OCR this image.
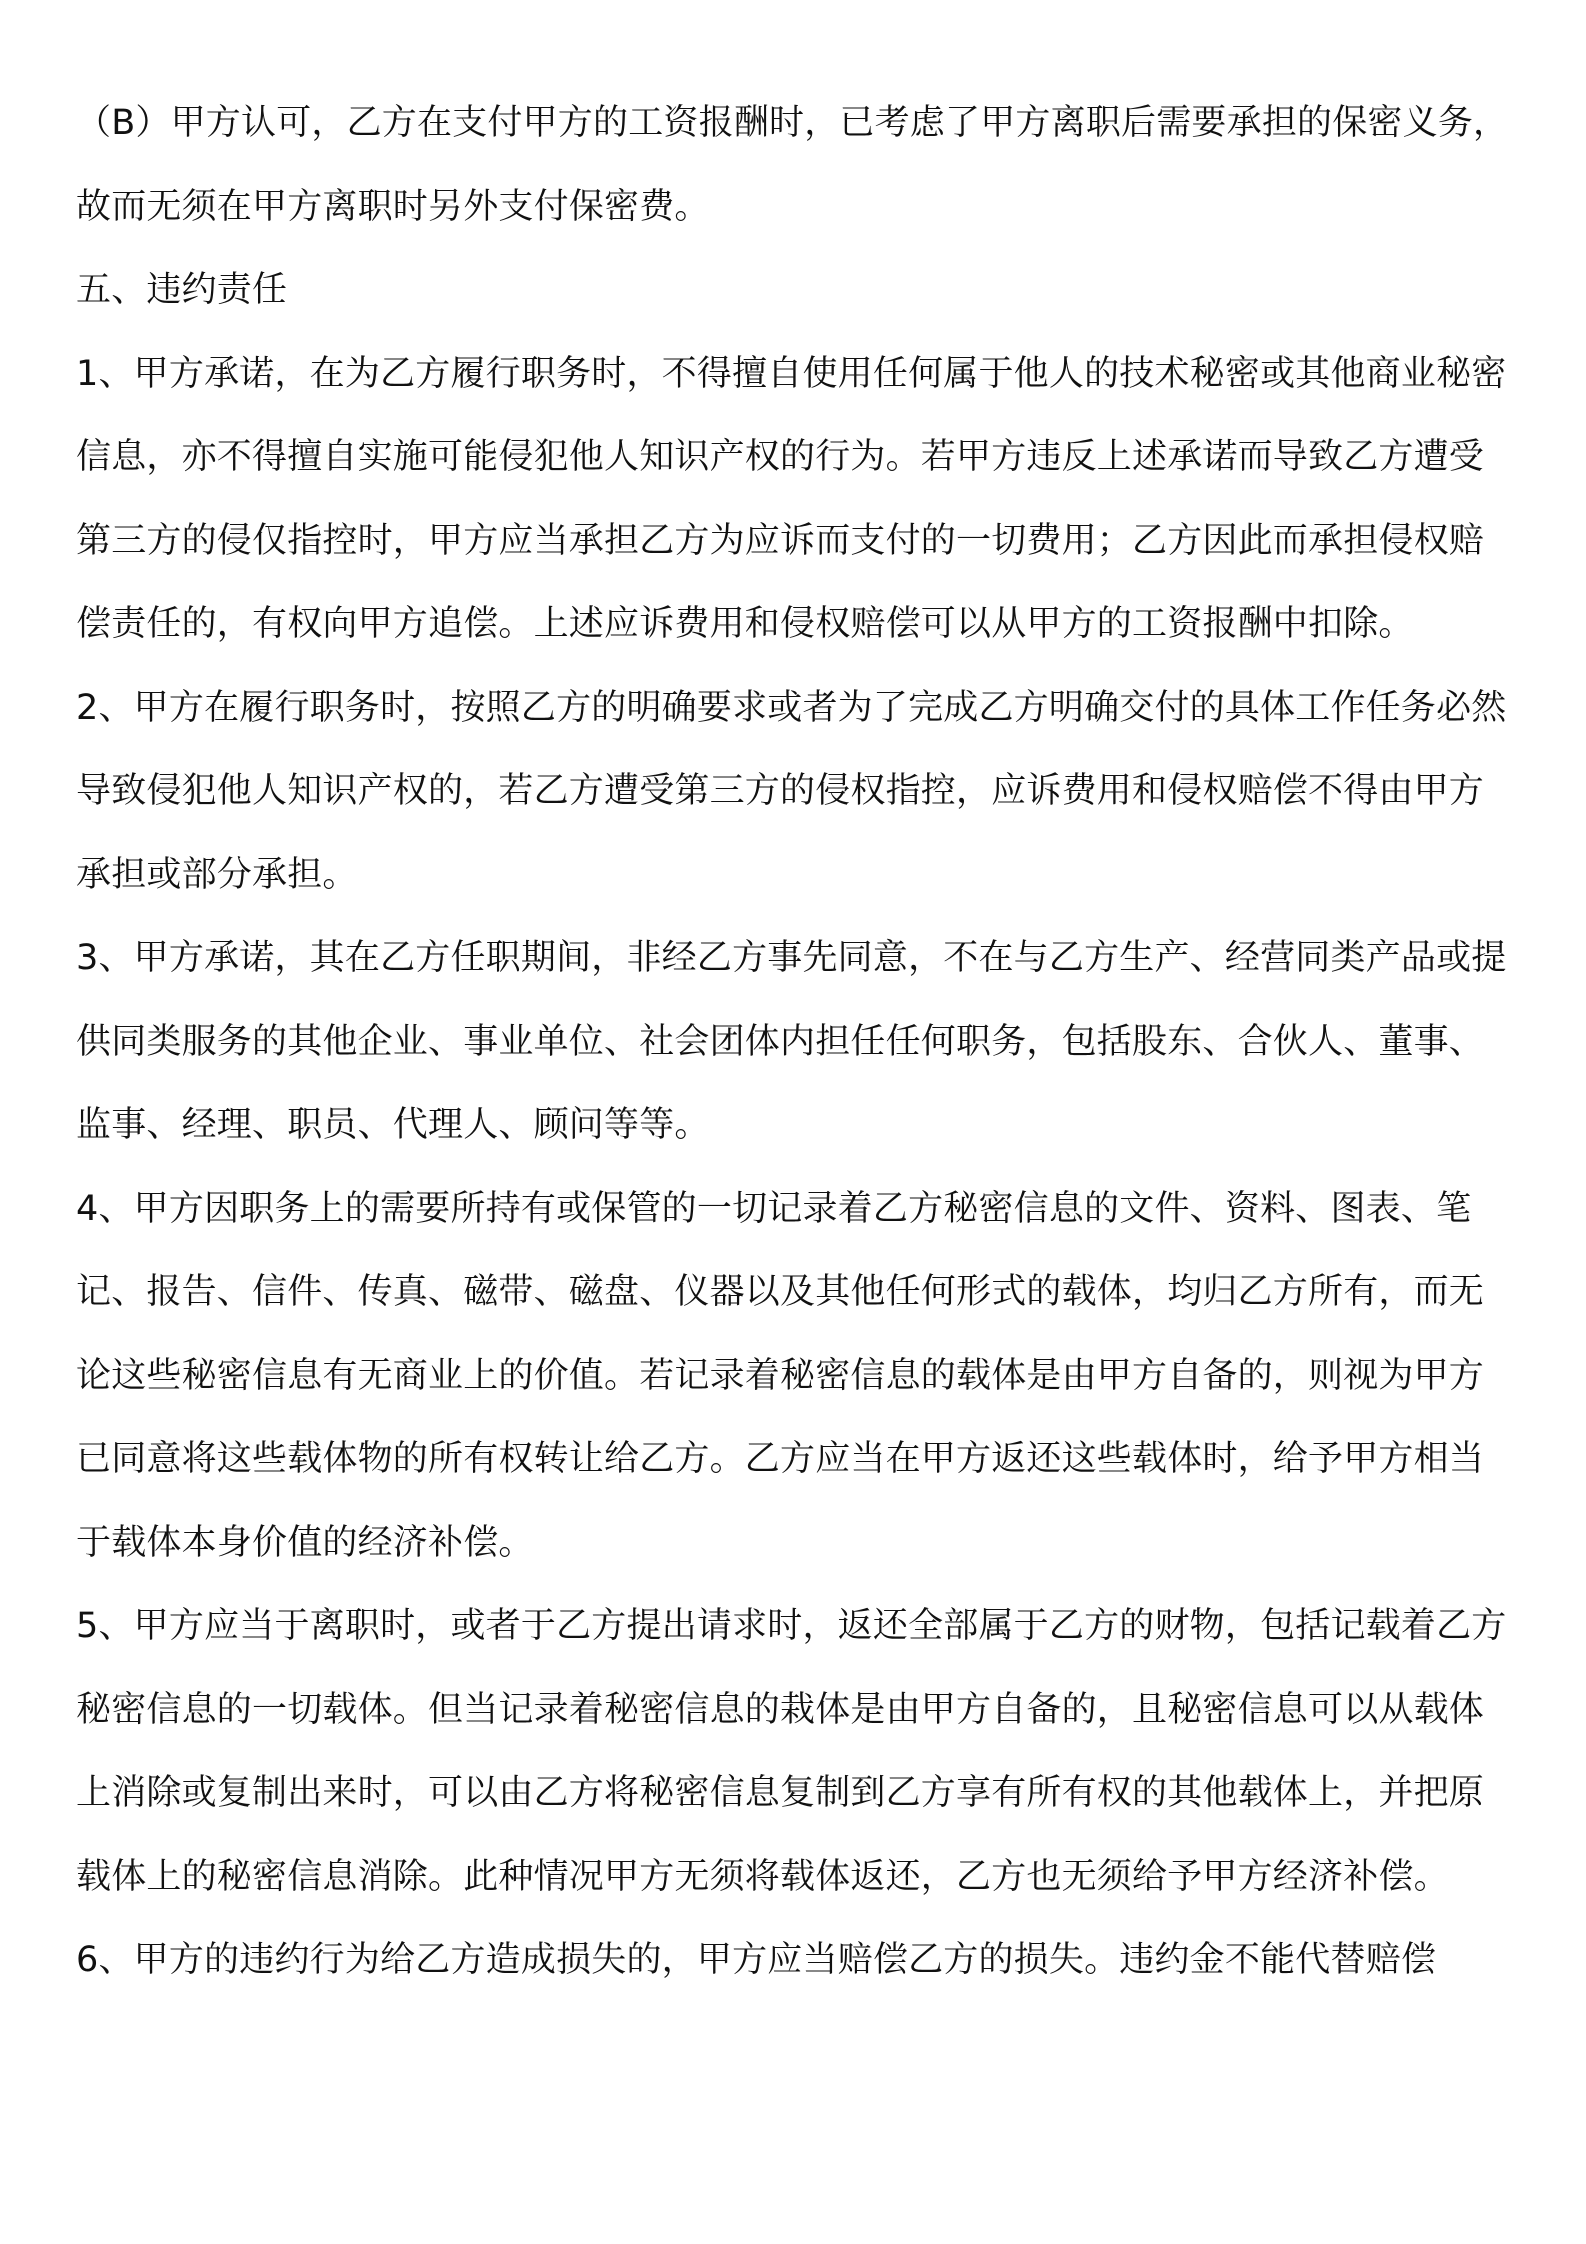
（B）甲方认可，乙方在支付甲方的工资报酬时，已考虑了甲方离职后需要承担的保密义务，故而无须在甲方离职时另外支付保密费。

五、违约责任

1、甲方承诺，在为乙方履行职务时，不得擅自使用任何属于他人的技术秘密或其他商业秘密信息，亦不得擅自实施可能侵犯他人知识产权的行为。若甲方违反上述承诺而导致乙方遭受第三方的侵仅指控时，甲方应当承担乙方为应诉而支付的一切费用；乙方因此而承担侵权赔偿责任的，有权向甲方追偿。上述应诉费用和侵权赔偿可以从甲方的工资报酬中扣除。

2、甲方在履行职务时，按照乙方的明确要求或者为了完成乙方明确交付的具体工作任务必然导致侵犯他人知识产权的，若乙方遭受第三方的侵权指控，应诉费用和侵权赔偿不得由甲方承担或部分承担。

3、甲方承诺，其在乙方任职期间，非经乙方事先同意，不在与乙方生产、经营同类产品或提供同类服务的其他企业、事业单位、社会团体内担任任何职务，包括股东、合伙人、董事、监事、经理、职员、代理人、顾问等等。

4、甲方因职务上的需要所持有或保管的一切记录着乙方秘密信息的文件、资料、图表、笔记、报告、信件、传真、磁带、磁盘、仪器以及其他任何形式的载体，均归乙方所有，而无论这些秘密信息有无商业上的价值。若记录着秘密信息的载体是由甲方自备的，则视为甲方已同意将这些载体物的所有权转让给乙方。乙方应当在甲方返还这些载体时，给予甲方相当于载体本身价值的经济补偿。

5、甲方应当于离职时，或者于乙方提出请求时，返还全部属于乙方的财物，包括记载着乙方秘密信息的一切载体。但当记录着秘密信息的栽体是由甲方自备的，且秘密信息可以从载体上消除或复制出来时，可以由乙方将秘密信息复制到乙方享有所有权的其他载体上，并把原载体上的秘密信息消除。此种情况甲方无须将载体返还，乙方也无须给予甲方经济补偿。

6、甲方的违约行为给乙方造成损失的，甲方应当赔偿乙方的损失。违约金不能代替赔偿
